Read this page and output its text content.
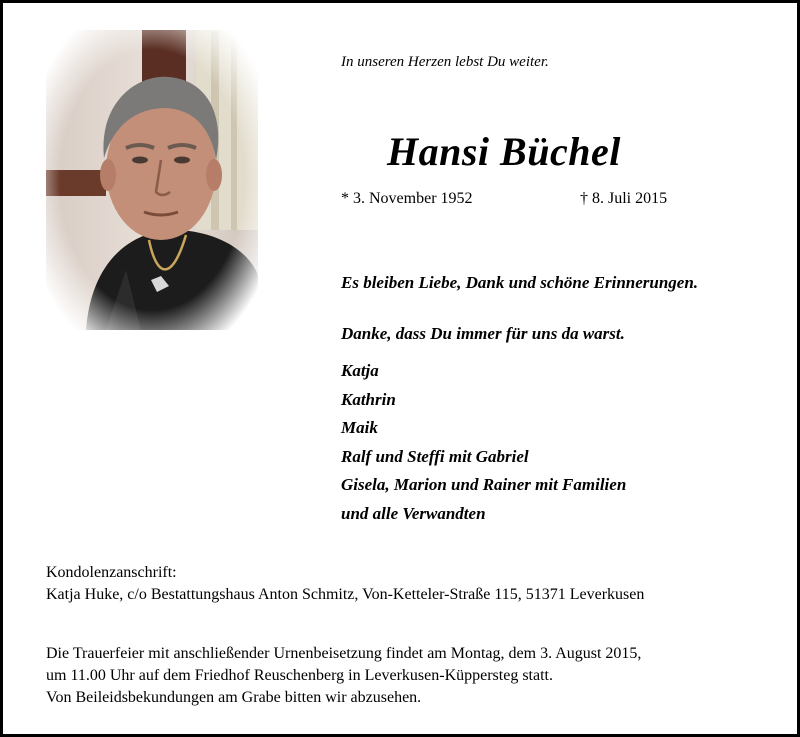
In unseren Herzen lebst Du weiter.
Hansi Büchel
* 3. November 1952	† 8. Juli 2015
Es bleiben Liebe, Dank und schöne Erinnerungen.
Danke, dass Du immer für uns da warst.
Katja
Kathrin
Maik
Ralf und Steffi mit Gabriel
Gisela, Marion und Rainer mit Familien
und alle Verwandten
Kondolenzanschrift:
Katja Huke, c/o Bestattungshaus Anton Schmitz, Von-Ketteler-Straße 115, 51371 Leverkusen
Die Trauerfeier mit anschließender Urnenbeisetzung findet am Montag, dem 3. August 2015,
um 11.00 Uhr auf dem Friedhof Reuschenberg in Leverkusen-Küppersteg statt.
Von Beileidsbekundungen am Grabe bitten wir abzusehen.
